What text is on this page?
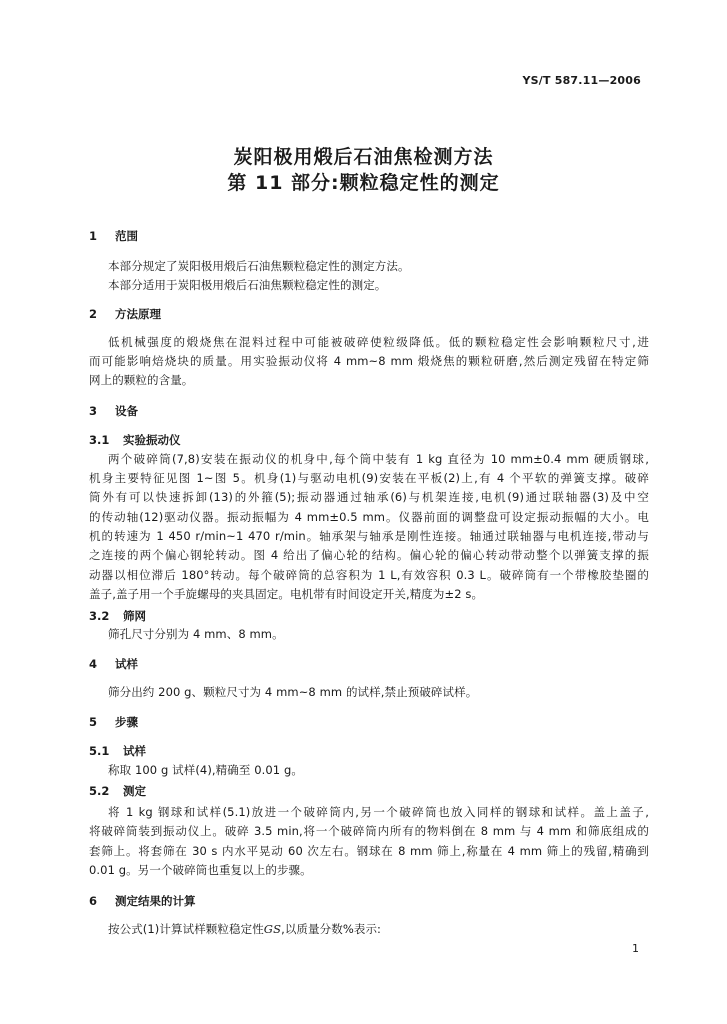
YS/T 587.11—2006
炭阳极用煅后石油焦检测方法
第 11 部分:颗粒稳定性的测定
1 范围
本部分规定了炭阳极用煅后石油焦颗粒稳定性的测定方法。
本部分适用于炭阳极用煅后石油焦颗粒稳定性的测定。
2 方法原理
低机械强度的煅烧焦在混料过程中可能被破碎使粒级降低。低的颗粒稳定性会影响颗粒尺寸,进
而可能影响焙烧块的质量。用实验振动仪将 4 mm~8 mm 煅烧焦的颗粒研磨,然后测定残留在特定筛
网上的颗粒的含量。
3 设备
3.1 实验振动仪
两个破碎筒(7,8)安装在振动仪的机身中,每个筒中装有 1 kg 直径为 10 mm±0.4 mm 硬质钢球,
机身主要特征见图 1~图 5。机身(1)与驱动电机(9)安装在平板(2)上,有 4 个平软的弹簧支撑。破碎
筒外有可以快速拆卸(13)的外箍(5);振动器通过轴承(6)与机架连接,电机(9)通过联轴器(3)及中空
的传动轴(12)驱动仪器。振动振幅为 4 mm±0.5 mm。仪器前面的调整盘可设定振动振幅的大小。电
机的转速为 1 450 r/min~1 470 r/min。轴承架与轴承是刚性连接。轴通过联轴器与电机连接,带动与
之连接的两个偏心钢轮转动。图 4 给出了偏心轮的结构。偏心轮的偏心转动带动整个以弹簧支撑的振
动器以相位滞后 180°转动。每个破碎筒的总容积为 1 L,有效容积 0.3 L。破碎筒有一个带橡胶垫圈的
盖子,盖子用一个手旋螺母的夹具固定。电机带有时间设定开关,精度为±2 s。
3.2 筛网
筛孔尺寸分别为 4 mm、8 mm。
4 试样
筛分出约 200 g、颗粒尺寸为 4 mm~8 mm 的试样,禁止预破碎试样。
5 步骤
5.1 试样
称取 100 g 试样(4),精确至 0.01 g。
5.2 测定
将 1 kg 钢球和试样(5.1)放进一个破碎筒内,另一个破碎筒也放入同样的钢球和试样。盖上盖子,
将破碎筒装到振动仪上。破碎 3.5 min,将一个破碎筒内所有的物料倒在 8 mm 与 4 mm 和筛底组成的
套筛上。将套筛在 30 s 内水平晃动 60 次左右。钢球在 8 mm 筛上,称量在 4 mm 筛上的残留,精确到
0.01 g。另一个破碎筒也重复以上的步骤。
6 测定结果的计算
按公式(1)计算试样颗粒稳定性GS,以质量分数%表示:
1
